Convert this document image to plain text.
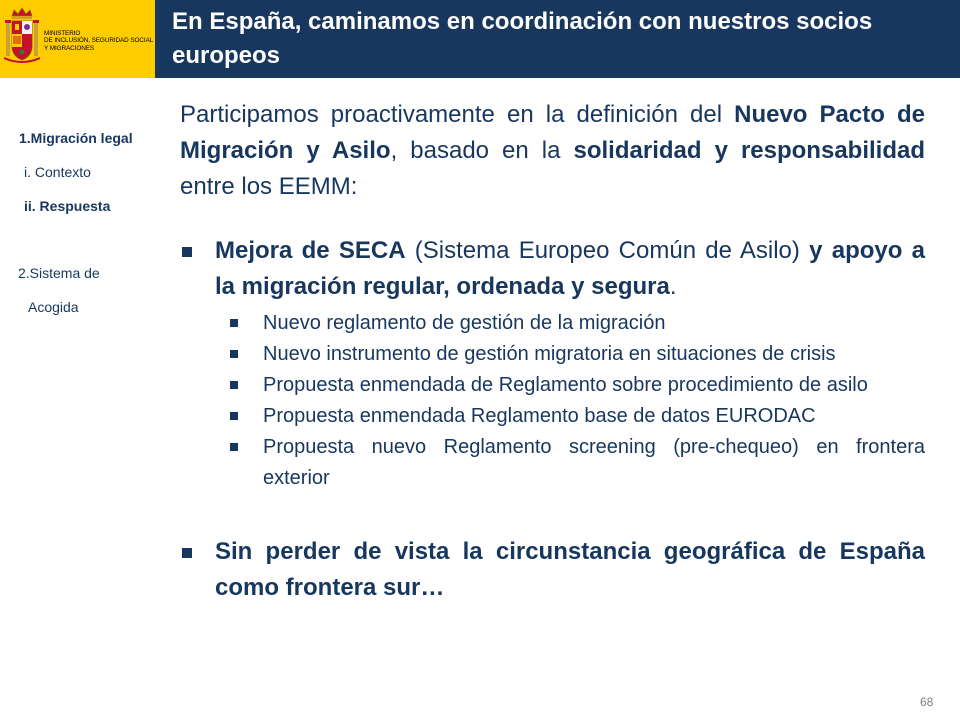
MINISTERIO
DE INCLUSIÓN, SEGURIDAD SOCIAL
Y MIGRACIONES
En España, caminamos en coordinación con nuestros socios europeos
1.Migración legal
i. Contexto
ii. Respuesta
2.Sistema de
Acogida

Participamos proactivamente en la definición del Nuevo Pacto de Migración y Asilo, basado en la solidaridad y responsabilidad entre los EEMM:

Mejora de SECA (Sistema Europeo Común de Asilo) y apoyo a la migración regular, ordenada y segura.
Nuevo reglamento de gestión de la migración
Nuevo instrumento de gestión migratoria en situaciones de crisis
Propuesta enmendada de Reglamento sobre procedimiento de asilo
Propuesta enmendada Reglamento base de datos EURODAC
Propuesta nuevo Reglamento screening (pre-chequeo) en frontera exterior
Sin perder de vista la circunstancia geográfica de España como frontera sur…
68
